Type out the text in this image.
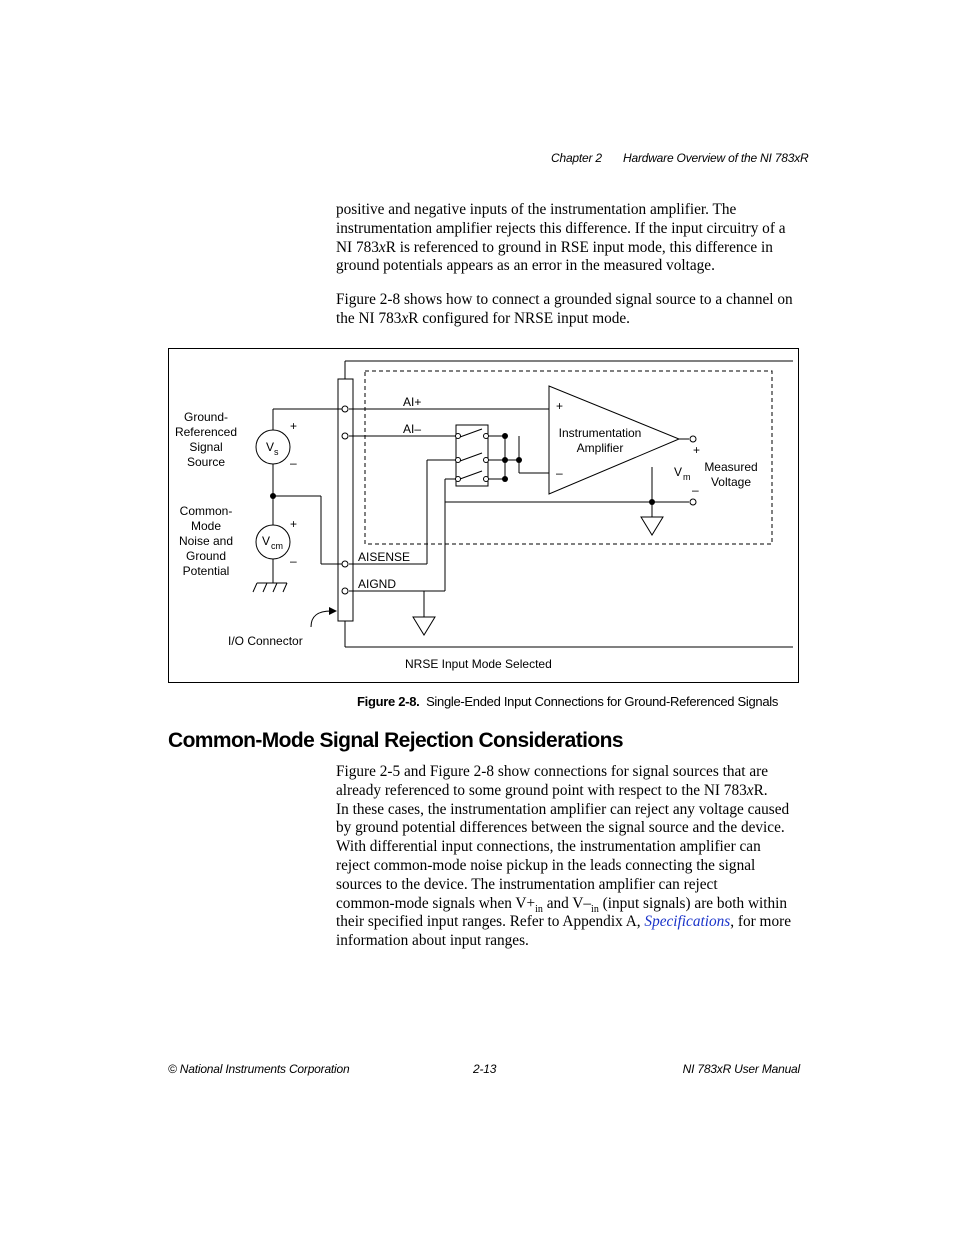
Chapter 2 Hardware Overview of the NI 783xR

positive and negative inputs of the instrumentation amplifier. The

instrumentation amplifier rejects this difference. If the input circuitry of a

NI 783xR is referenced to ground in RSE input mode, this difference in

ground potentials appears as an error in the measured voltage.

Figure 2-8 shows how to connect a grounded signal source to a channel on

the NI 783xR configured for NRSE input mode.

Ground-
Referenced
Signal
Source
Common-
Mode
Noise and
Ground
Potential
V
V
+
–
+
–
AI+
AI–
AISENSE
AIGND
+
–
Instrumentation
Amplifier	+
–
V Measured
Voltage
I/O Connector
NRSE Input Mode Selected
s
cm
m
Figure 2-8. Single-Ended Input Connections for Ground-Referenced Signals
Common-Mode Signal Rejection Considerations

Figure 2-5 and Figure 2-8 show connections for signal sources that are

already referenced to some ground point with respect to the NI 783xR.

In these cases, the instrumentation amplifier can reject any voltage caused

by ground potential differences between the signal source and the device.

With differential input connections, the instrumentation amplifier can

reject common-mode noise pickup in the leads connecting the signal

sources to the device. The instrumentation amplifier can reject

common-mode signals when $V+_{in}$ and $V-_{in}$ (input signals) are both within

their specified input ranges. Refer to Appendix A, Specifications, for more

information about input ranges.

© National Instruments Corporation	2-13	NI 783xR User Manual
